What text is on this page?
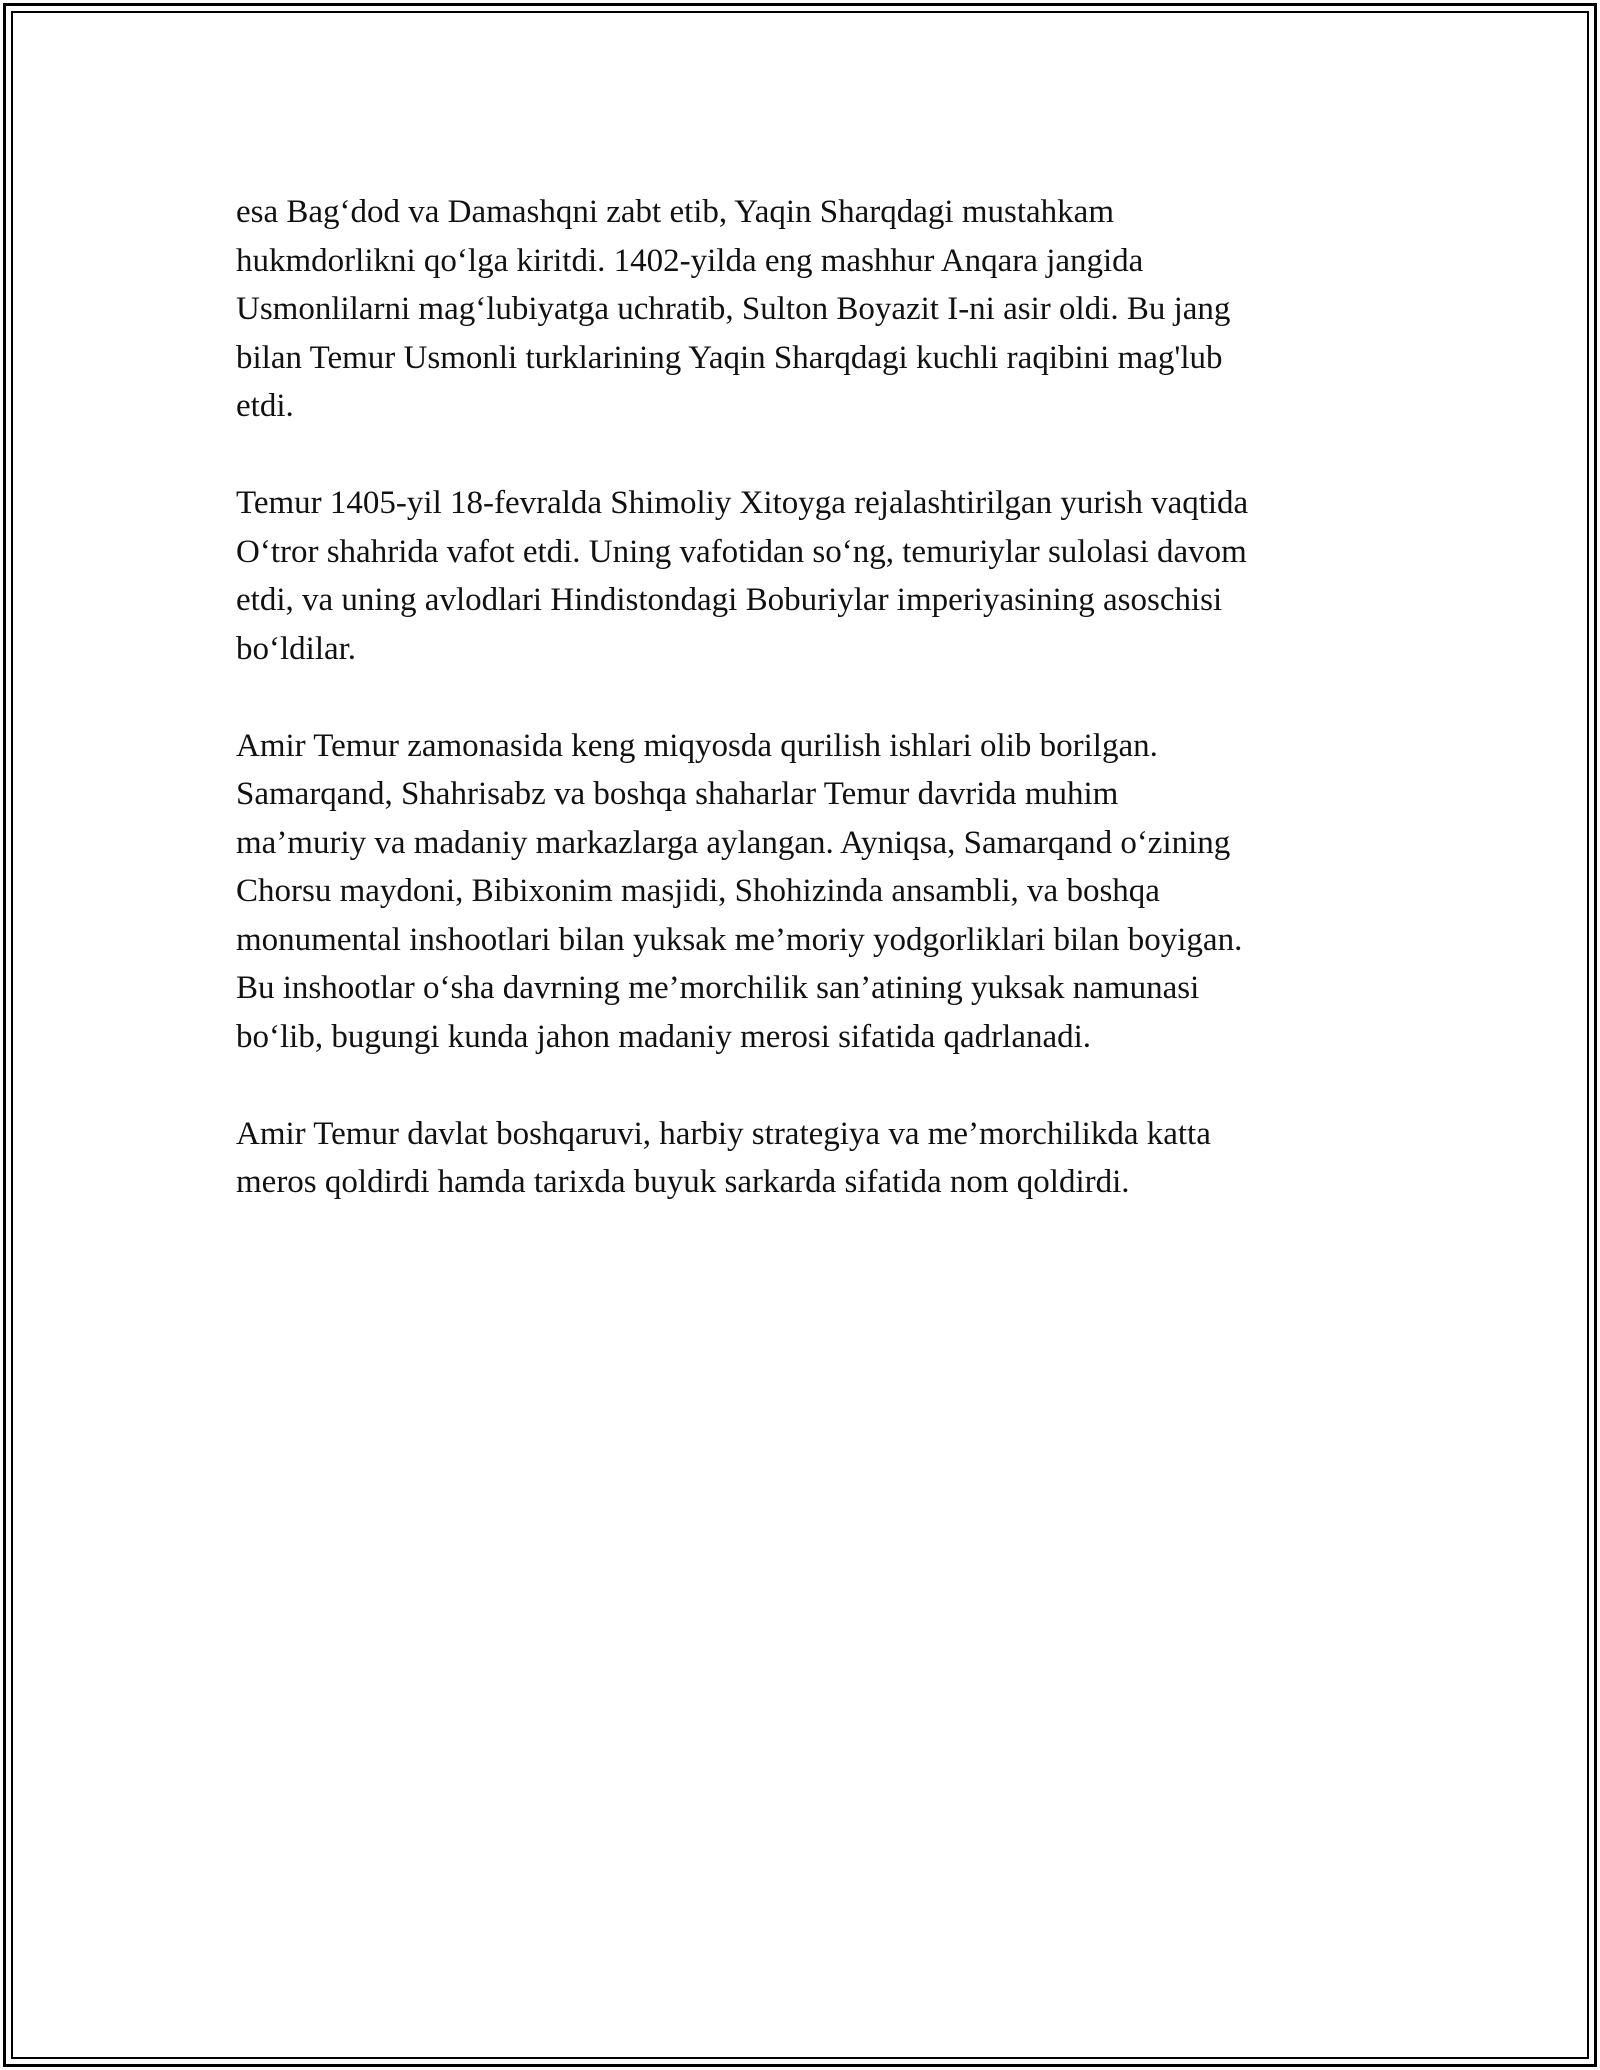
esa Bag‘dod va Damashqni zabt etib, Yaqin Sharqdagi mustahkam
hukmdorlikni qo‘lga kiritdi. 1402-yilda eng mashhur Anqara jangida
Usmonlilarni mag‘lubiyatga uchratib, Sulton Boyazit I-ni asir oldi. Bu jang
bilan Temur Usmonli turklarining Yaqin Sharqdagi kuchli raqibini mag'lub
etdi.

Temur 1405-yil 18-fevralda Shimoliy Xitoyga rejalashtirilgan yurish vaqtida
O‘tror shahrida vafot etdi. Uning vafotidan so‘ng, temuriylar sulolasi davom
etdi, va uning avlodlari Hindistondagi Boburiylar imperiyasining asoschisi
bo‘ldilar.

Amir Temur zamonasida keng miqyosda qurilish ishlari olib borilgan.
Samarqand, Shahrisabz va boshqa shaharlar Temur davrida muhim
ma’muriy va madaniy markazlarga aylangan. Ayniqsa, Samarqand o‘zining
Chorsu maydoni, Bibixonim masjidi, Shohizinda ansambli, va boshqa
monumental inshootlari bilan yuksak me’moriy yodgorliklari bilan boyigan.
Bu inshootlar o‘sha davrning me’morchilik san’atining yuksak namunasi
bo‘lib, bugungi kunda jahon madaniy merosi sifatida qadrlanadi.

Amir Temur davlat boshqaruvi, harbiy strategiya va me’morchilikda katta
meros qoldirdi hamda tarixda buyuk sarkarda sifatida nom qoldirdi.
